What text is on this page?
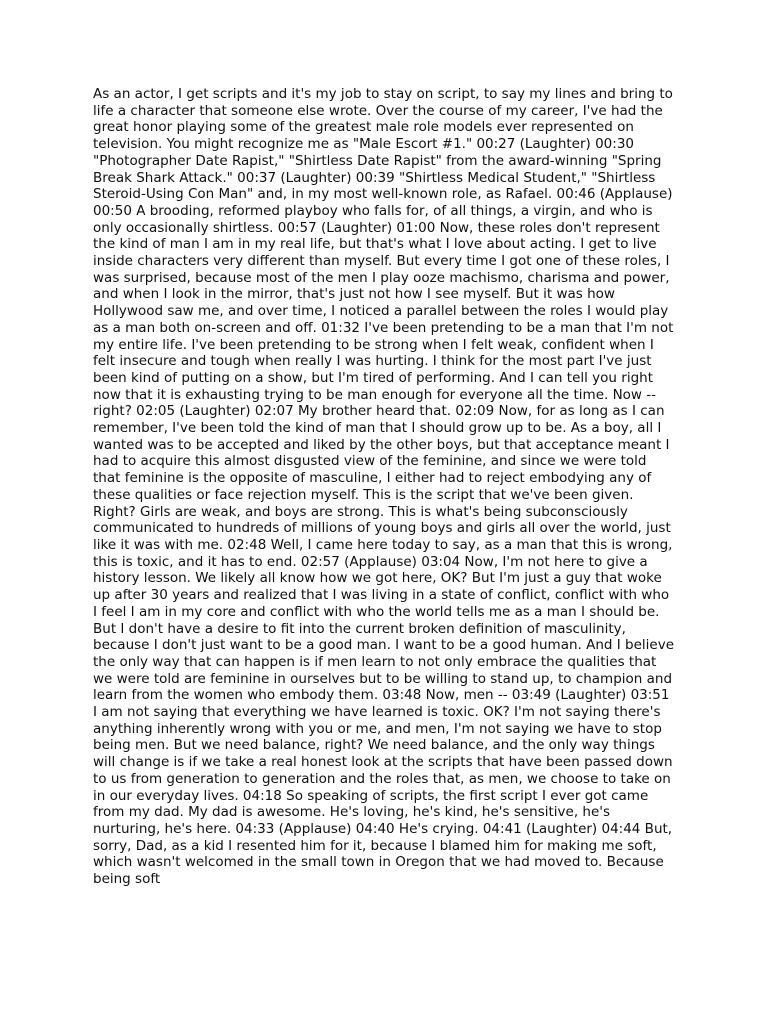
As an actor, I get scripts and it's my job to stay on script, to say my lines and bring to life a character that someone else wrote. Over the course of my career, I've had the great honor playing some of the greatest male role models ever represented on television. You might recognize me as "Male Escort #1." 00:27 (Laughter) 00:30 "Photographer Date Rapist," "Shirtless Date Rapist" from the award-winning "Spring Break Shark Attack." 00:37 (Laughter) 00:39 "Shirtless Medical Student," "Shirtless Steroid-Using Con Man" and, in my most well-known role, as Rafael. 00:46 (Applause) 00:50 A brooding, reformed playboy who falls for, of all things, a virgin, and who is only occasionally shirtless. 00:57 (Laughter) 01:00 Now, these roles don't represent the kind of man I am in my real life, but that's what I love about acting. I get to live inside characters very different than myself. But every time I got one of these roles, I was surprised, because most of the men I play ooze machismo, charisma and power, and when I look in the mirror, that's just not how I see myself. But it was how Hollywood saw me, and over time, I noticed a parallel between the roles I would play as a man both on-screen and off. 01:32 I've been pretending to be a man that I'm not my entire life. I've been pretending to be strong when I felt weak, confident when I felt insecure and tough when really I was hurting. I think for the most part I've just been kind of putting on a show, but I'm tired of performing. And I can tell you right now that it is exhausting trying to be man enough for everyone all the time. Now -- right? 02:05 (Laughter) 02:07 My brother heard that. 02:09 Now, for as long as I can remember, I've been told the kind of man that I should grow up to be. As a boy, all I wanted was to be accepted and liked by the other boys, but that acceptance meant I had to acquire this almost disgusted view of the feminine, and since we were told that feminine is the opposite of masculine, I either had to reject embodying any of these qualities or face rejection myself. This is the script that we've been given. Right? Girls are weak, and boys are strong. This is what's being subconsciously communicated to hundreds of millions of young boys and girls all over the world, just like it was with me. 02:48 Well, I came here today to say, as a man that this is wrong, this is toxic, and it has to end. 02:57 (Applause) 03:04 Now, I'm not here to give a history lesson. We likely all know how we got here, OK? But I'm just a guy that woke up after 30 years and realized that I was living in a state of conflict, conflict with who I feel I am in my core and conflict with who the world tells me as a man I should be. But I don't have a desire to fit into the current broken definition of masculinity, because I don't just want to be a good man. I want to be a good human. And I believe the only way that can happen is if men learn to not only embrace the qualities that we were told are feminine in ourselves but to be willing to stand up, to champion and learn from the women who embody them. 03:48 Now, men -- 03:49 (Laughter) 03:51 I am not saying that everything we have learned is toxic. OK? I'm not saying there's anything inherently wrong with you or me, and men, I'm not saying we have to stop being men. But we need balance, right? We need balance, and the only way things will change is if we take a real honest look at the scripts that have been passed down to us from generation to generation and the roles that, as men, we choose to take on in our everyday lives. 04:18 So speaking of scripts, the first script I ever got came from my dad. My dad is awesome. He's loving, he's kind, he's sensitive, he's nurturing, he's here. 04:33 (Applause) 04:40 He's crying. 04:41 (Laughter) 04:44 But, sorry, Dad, as a kid I resented him for it, because I blamed him for making me soft, which wasn't welcomed in the small town in Oregon that we had moved to. Because being soft
